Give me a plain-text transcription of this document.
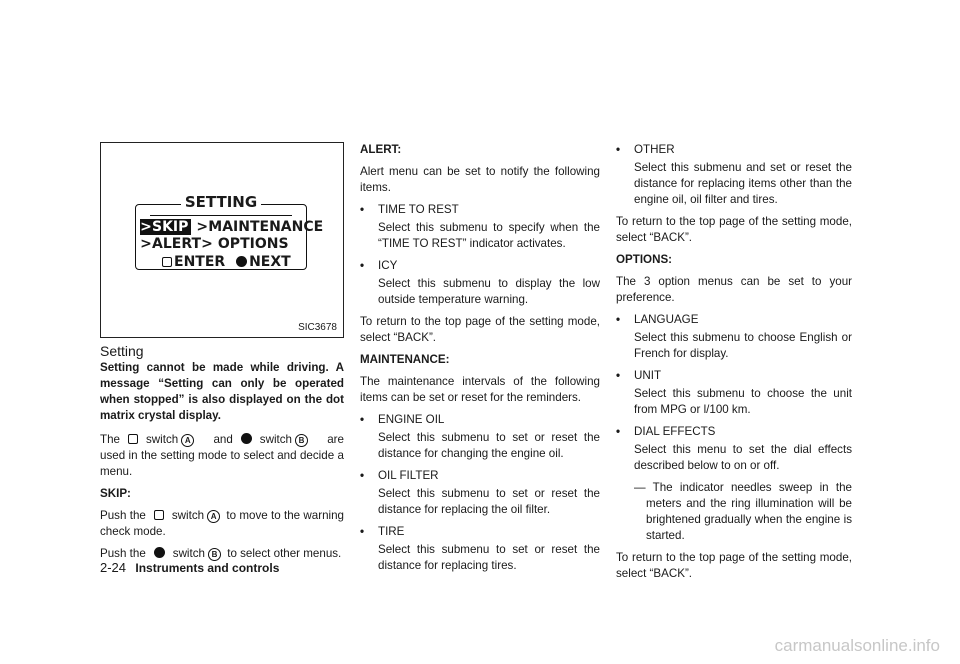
SETTING
>SKIP >MAINTENANCE
>ALERT> OPTIONS
ENTER NEXT
SIC3678
Setting

Setting cannot be made while driving. A message “Setting can only be operated when stopped” is also displayed on the dot matrix crystal display.

The switch A and switch B are used in the setting mode to select and decide a menu.

SKIP:

Push the switch A to move to the warning check mode.

Push the switch B to select other menus.

ALERT:

Alert menu can be set to notify the following items.

• TIME TO REST

Select this submenu to specify when the “TIME TO REST” indicator activates.

• ICY

Select this submenu to display the low outside temperature warning.

To return to the top page of the setting mode, select “BACK”.

MAINTENANCE:

The maintenance intervals of the following items can be set or reset for the reminders.

• ENGINE OIL

Select this submenu to set or reset the distance for changing the engine oil.

• OIL FILTER

Select this submenu to set or reset the distance for replacing the oil filter.

• TIRE

Select this submenu to set or reset the distance for replacing tires.

• OTHER

Select this submenu and set or reset the distance for replacing items other than the engine oil, oil filter and tires.

To return to the top page of the setting mode, select “BACK”.

OPTIONS:

The 3 option menus can be set to your preference.

• LANGUAGE

Select this submenu to choose English or French for display.

• UNIT

Select this submenu to choose the unit from MPG or l/100 km.

• DIAL EFFECTS

Select this menu to set the dial effects described below to on or off.

— The indicator needles sweep in the meters and the ring illumination will be brightened gradually when the engine is started.

To return to the top page of the setting mode, select “BACK”.

2-24 Instruments and controls
carmanualsonline.info
